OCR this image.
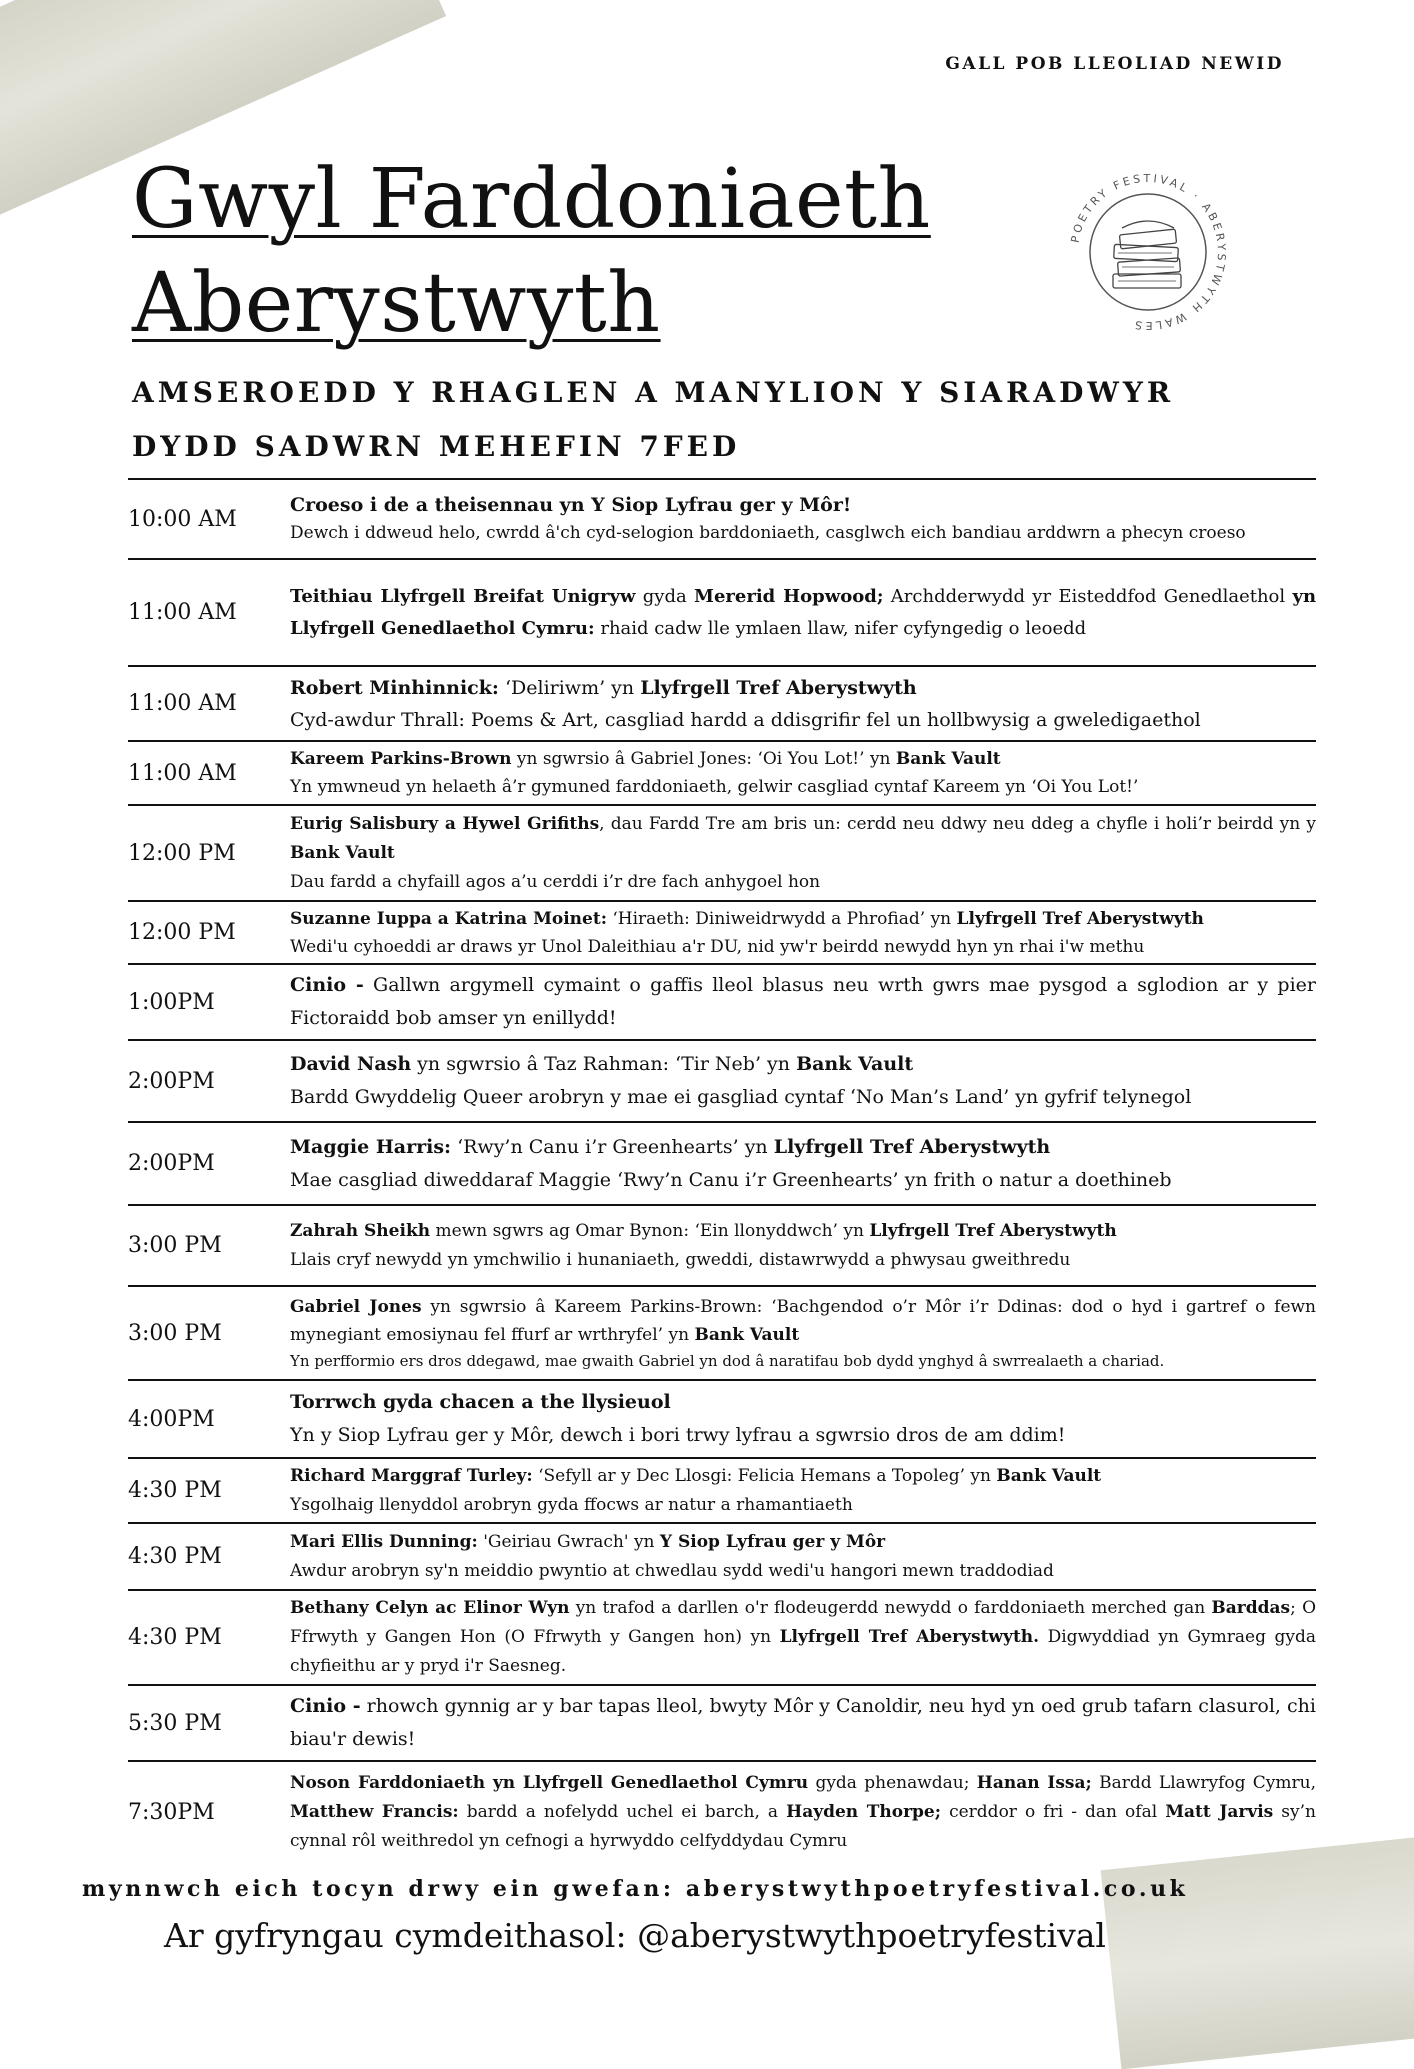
GALL POB LLEOLIAD NEWID
Gwyl Farddoniaeth
Aberystwyth
POETRY FESTIVAL · ABERYSTWYTH WALES
AMSEROEDD Y RHAGLEN A MANYLION Y SIARADWYR
DYDD SADWRN MEHEFIN 7FED
10:00 AM
Croeso i de a theisennau yn Y Siop Lyfrau ger y Môr!
Dewch i ddweud helo, cwrdd â'ch cyd-selogion barddoniaeth, casglwch eich bandiau arddwrn a phecyn croeso
11:00 AM
Teithiau Llyfrgell Breifat Unigryw gyda Mererid Hopwood; Archdderwydd yr Eisteddfod Genedlaethol yn Llyfrgell Genedlaethol Cymru: rhaid cadw lle ymlaen llaw, nifer cyfyngedig o leoedd
11:00 AM
Robert Minhinnick: ‘Deliriwm’ yn Llyfrgell Tref Aberystwyth
Cyd-awdur Thrall: Poems & Art, casgliad hardd a ddisgrifir fel un hollbwysig a gweledigaethol
11:00 AM
Kareem Parkins-Brown yn sgwrsio â Gabriel Jones: ‘Oi You Lot!’ yn Bank Vault
Yn ymwneud yn helaeth â’r gymuned farddoniaeth, gelwir casgliad cyntaf Kareem yn ‘Oi You Lot!’
12:00 PM
Eurig Salisbury a Hywel Grifiths, dau Fardd Tre am bris un: cerdd neu ddwy neu ddeg a chyfle i holi’r beirdd yn y Bank Vault
Dau fardd a chyfaill agos a’u cerddi i’r dre fach anhygoel hon
12:00 PM
Suzanne Iuppa a Katrina Moinet: ‘Hiraeth: Diniweidrwydd a Phrofiad’ yn Llyfrgell Tref Aberystwyth
Wedi'u cyhoeddi ar draws yr Unol Daleithiau a'r DU, nid yw'r beirdd newydd hyn yn rhai i'w methu
1:00PM
Cinio - Gallwn argymell cymaint o gaffis lleol blasus neu wrth gwrs mae pysgod a sglodion ar y pier Fictoraidd bob amser yn enillydd!
2:00PM
David Nash yn sgwrsio â Taz Rahman: ‘Tir Neb’ yn Bank Vault
Bardd Gwyddelig Queer arobryn y mae ei gasgliad cyntaf ‘No Man’s Land’ yn gyfrif telynegol
2:00PM
Maggie Harris: ‘Rwy’n Canu i’r Greenhearts’ yn Llyfrgell Tref Aberystwyth
Mae casgliad diweddaraf Maggie ‘Rwy’n Canu i’r Greenhearts’ yn frith o natur a doethineb
3:00 PM
Zahrah Sheikh mewn sgwrs ag Omar Bynon: ‘Ein llonyddwch’ yn Llyfrgell Tref Aberystwyth
Llais cryf newydd yn ymchwilio i hunaniaeth, gweddi, distawrwydd a phwysau gweithredu
3:00 PM
Gabriel Jones yn sgwrsio â Kareem Parkins-Brown: ‘Bachgendod o’r Môr i’r Ddinas: dod o hyd i gartref o fewn mynegiant emosiynau fel ffurf ar wrthryfel’ yn Bank Vault
Yn perfformio ers dros ddegawd, mae gwaith Gabriel yn dod â naratifau bob dydd ynghyd â swrrealaeth a chariad.
4:00PM
Torrwch gyda chacen a the llysieuol
Yn y Siop Lyfrau ger y Môr, dewch i bori trwy lyfrau a sgwrsio dros de am ddim!
4:30 PM
Richard Marggraf Turley: ‘Sefyll ar y Dec Llosgi: Felicia Hemans a Topoleg’ yn Bank Vault
Ysgolhaig llenyddol arobryn gyda ffocws ar natur a rhamantiaeth
4:30 PM
Mari Ellis Dunning: 'Geiriau Gwrach' yn Y Siop Lyfrau ger y Môr
Awdur arobryn sy'n meiddio pwyntio at chwedlau sydd wedi'u hangori mewn traddodiad
4:30 PM
Bethany Celyn ac Elinor Wyn yn trafod a darllen o'r flodeugerdd newydd o farddoniaeth merched gan Barddas; O Ffrwyth y Gangen Hon (O Ffrwyth y Gangen hon) yn Llyfrgell Tref Aberystwyth. Digwyddiad yn Gymraeg gyda chyfieithu ar y pryd i'r Saesneg.
5:30 PM
Cinio - rhowch gynnig ar y bar tapas lleol, bwyty Môr y Canoldir, neu hyd yn oed grub tafarn clasurol, chi biau'r dewis!
7:30PM
Noson Farddoniaeth yn Llyfrgell Genedlaethol Cymru gyda phenawdau; Hanan Issa; Bardd Llawryfog Cymru, Matthew Francis: bardd a nofelydd uchel ei barch, a Hayden Thorpe; cerddor o fri - dan ofal Matt Jarvis sy’n cynnal rôl weithredol yn cefnogi a hyrwyddo celfyddydau Cymru
mynnwch eich tocyn drwy ein gwefan: aberystwythpoetryfestival.co.uk
Ar gyfryngau cymdeithasol: @aberystwythpoetryfestival
